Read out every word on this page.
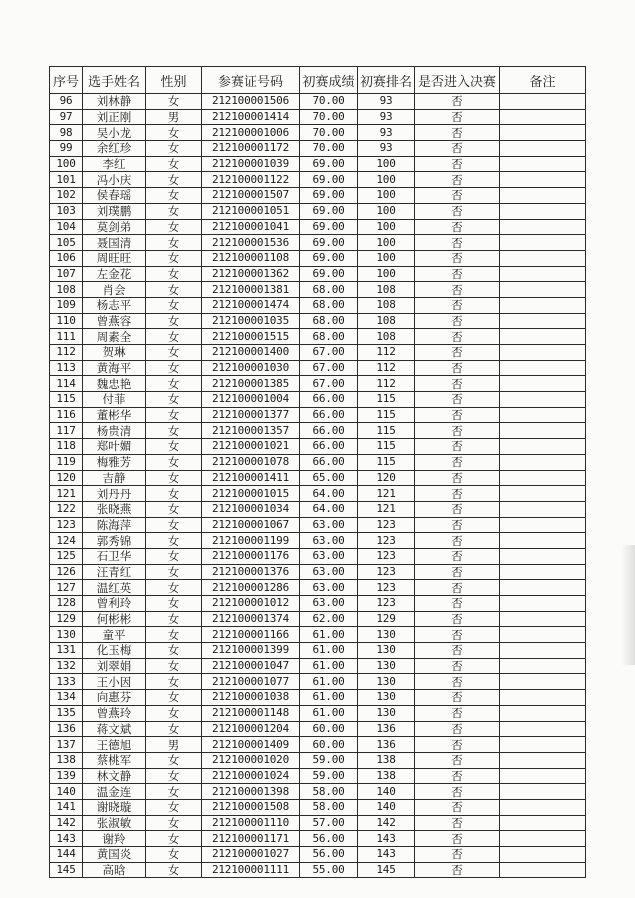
序号	选手姓名	性别	参赛证号码	初赛成绩	初赛排名	是否进入决赛	备注
96	刘林静	女	212100001506	70.00	93	否	
97	刘正刚	男	212100001414	70.00	93	否	
98	吴小龙	女	212100001006	70.00	93	否	
99	余红珍	女	212100001172	70.00	93	否	
100	李红	女	212100001039	69.00	100	否	
101	冯小庆	女	212100001122	69.00	100	否	
102	侯春瑶	女	212100001507	69.00	100	否	
103	刘璞鹏	女	212100001051	69.00	100	否	
104	莫剑弟	女	212100001041	69.00	100	否	
105	聂国清	女	212100001536	69.00	100	否	
106	周旺旺	女	212100001108	69.00	100	否	
107	左金花	女	212100001362	69.00	100	否	
108	肖会	女	212100001381	68.00	108	否	
109	杨志平	女	212100001474	68.00	108	否	
110	曾燕容	女	212100001035	68.00	108	否	
111	周素全	女	212100001515	68.00	108	否	
112	贺琳	女	212100001400	67.00	112	否	
113	黄海平	女	212100001030	67.00	112	否	
114	魏忠艳	女	212100001385	67.00	112	否	
115	付菲	女	212100001004	66.00	115	否	
116	董彬华	女	212100001377	66.00	115	否	
117	杨贵清	女	212100001357	66.00	115	否	
118	郑叶媚	女	212100001021	66.00	115	否	
119	梅雅芳	女	212100001078	66.00	115	否	
120	吉静	女	212100001411	65.00	120	否	
121	刘丹丹	女	212100001015	64.00	121	否	
122	张晓燕	女	212100001034	64.00	121	否	
123	陈海萍	女	212100001067	63.00	123	否	
124	郭秀锦	女	212100001199	63.00	123	否	
125	石卫华	女	212100001176	63.00	123	否	
126	汪青红	女	212100001376	63.00	123	否	
127	温红英	女	212100001286	63.00	123	否	
128	曾利玲	女	212100001012	63.00	123	否	
129	何彬彬	女	212100001374	62.00	129	否	
130	童平	女	212100001166	61.00	130	否	
131	化玉梅	女	212100001399	61.00	130	否	
132	刘翠娟	女	212100001047	61.00	130	否	
133	王小因	女	212100001077	61.00	130	否	
134	向惠芬	女	212100001038	61.00	130	否	
135	曾燕玲	女	212100001148	61.00	130	否	
136	蒋文斌	女	212100001204	60.00	136	否	
137	王德旭	男	212100001409	60.00	136	否	
138	蔡桃军	女	212100001020	59.00	138	否	
139	林文静	女	212100001024	59.00	138	否	
140	温金连	女	212100001398	58.00	140	否	
141	谢晓璇	女	212100001508	58.00	140	否	
142	张淑敏	女	212100001110	57.00	142	否	
143	谢羚	女	212100001171	56.00	143	否	
144	黄国炎	女	212100001027	56.00	143	否	
145	高晗	女	212100001111	55.00	145	否	
